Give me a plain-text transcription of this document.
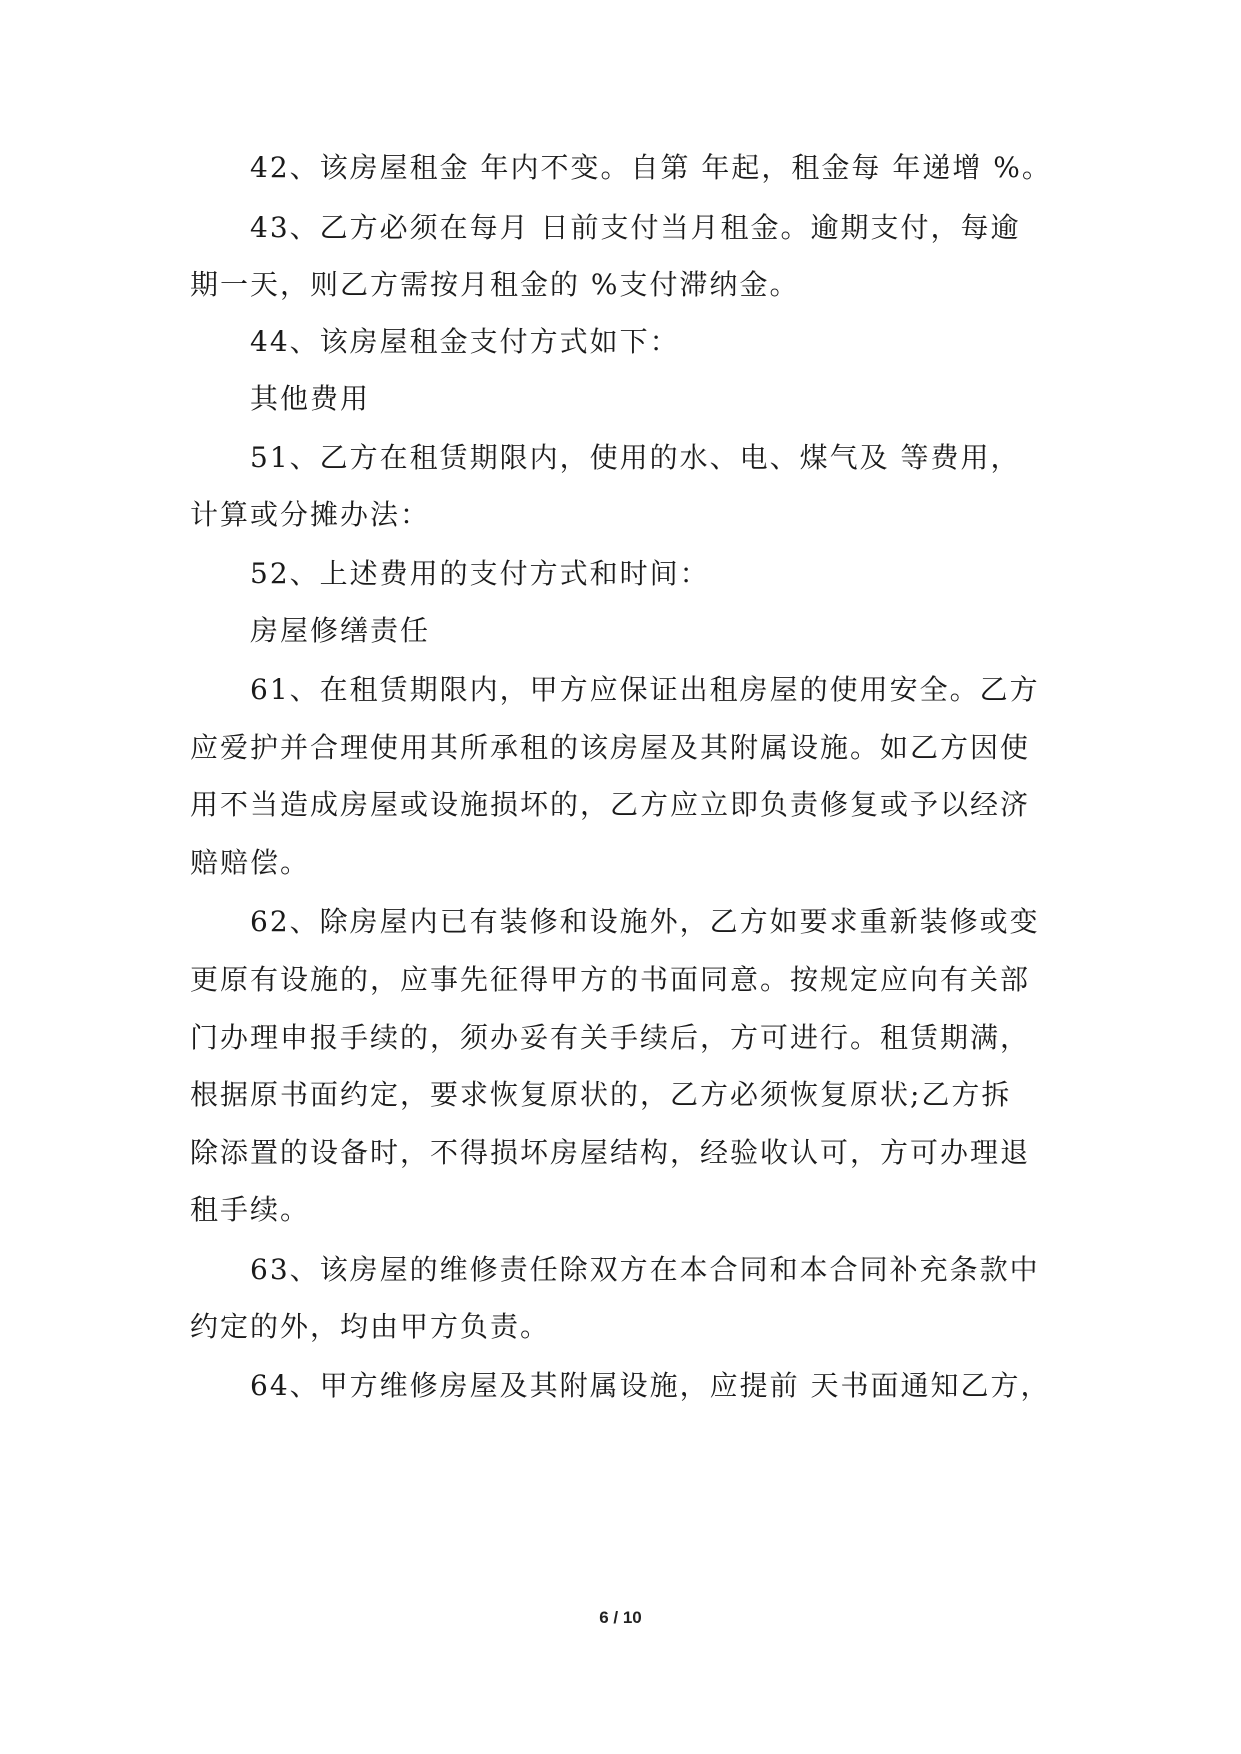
42、该房屋租金 年内不变。自第 年起，租金每 年递增 %。
43、乙方必须在每月 日前支付当月租金。逾期支付，每逾
期一天，则乙方需按月租金的 %支付滞纳金。
44、该房屋租金支付方式如下：
其他费用
51、乙方在租赁期限内，使用的水、电、煤气及 等费用，
计算或分摊办法：
52、上述费用的支付方式和时间：
房屋修缮责任
61、在租赁期限内，甲方应保证出租房屋的使用安全。乙方
应爱护并合理使用其所承租的该房屋及其附属设施。如乙方因使
用不当造成房屋或设施损坏的，乙方应立即负责修复或予以经济
赔赔偿。
62、除房屋内已有装修和设施外，乙方如要求重新装修或变
更原有设施的，应事先征得甲方的书面同意。按规定应向有关部
门办理申报手续的，须办妥有关手续后，方可进行。租赁期满，
根据原书面约定，要求恢复原状的，乙方必须恢复原状;乙方拆
除添置的设备时，不得损坏房屋结构，经验收认可，方可办理退
租手续。
63、该房屋的维修责任除双方在本合同和本合同补充条款中
约定的外，均由甲方负责。
64、甲方维修房屋及其附属设施，应提前 天书面通知乙方，
6 / 10
